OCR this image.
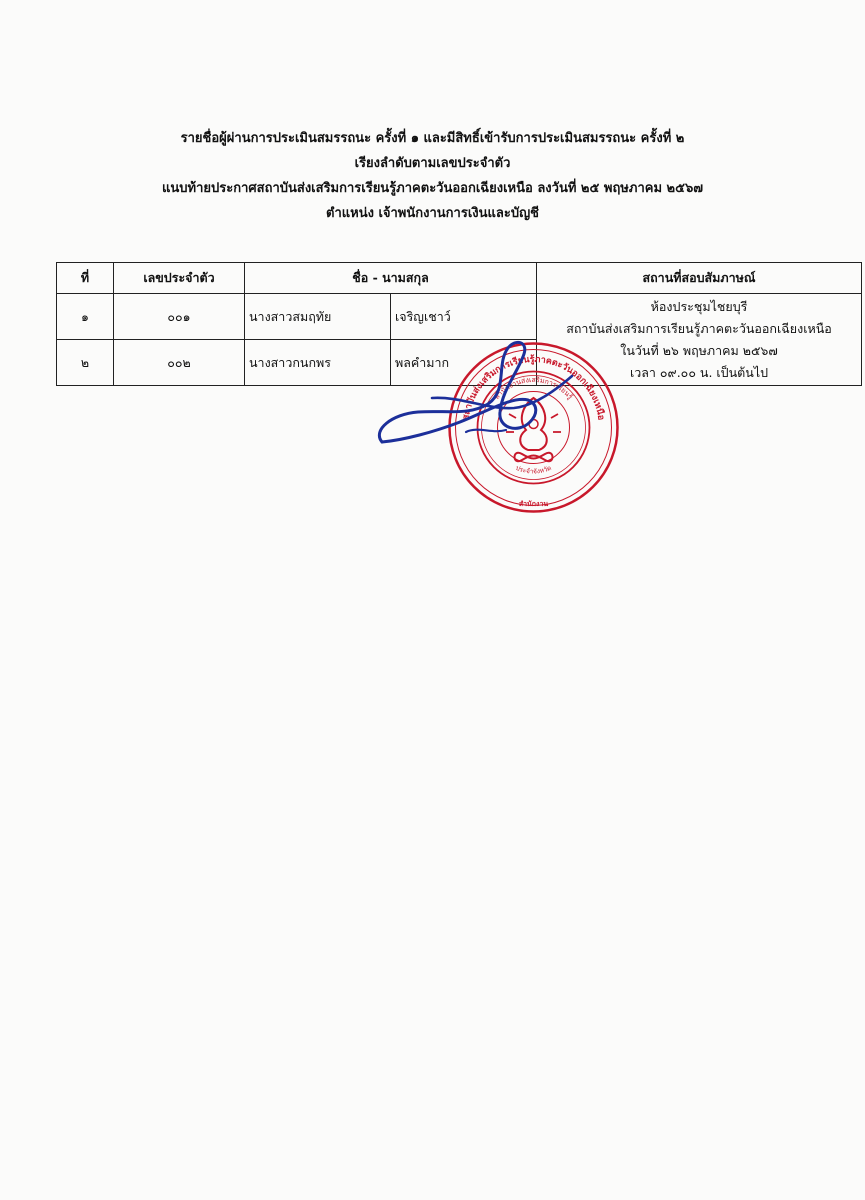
รายชื่อผู้ผ่านการประเมินสมรรถนะ ครั้งที่ ๑ และมีสิทธิ์เข้ารับการประเมินสมรรถนะ ครั้งที่ ๒
เรียงลำดับตามเลขประจำตัว
แนบท้ายประกาศสถาบันส่งเสริมการเรียนรู้ภาคตะวันออกเฉียงเหนือ ลงวันที่ ๒๕ พฤษภาคม ๒๕๖๗
ตำแหน่ง เจ้าพนักงานการเงินและบัญชี
ที่	เลขประจำตัว	ชื่อ - นามสกุล		สถานที่สอบสัมภาษณ์
๑	๐๐๑	นางสาวสมฤทัย	เจริญเชาว์	ห้องประชุมไชยบุรี
สถาบันส่งเสริมการเรียนรู้ภาคตะวันออกเฉียงเหนือ
ในวันที่ ๒๖ พฤษภาคม ๒๕๖๗
เวลา ๐๙.๐๐ น. เป็นต้นไป

๒	๐๐๒	นางสาวกนกพร	พลคำมาก	
สถาบันส่งเสริมการเรียนรู้ภาคตะวันออกเฉียงเหนือ
สำนักงานส่งเสริมการเรียนรู้
ประจำจังหวัด
สำนักงาน
